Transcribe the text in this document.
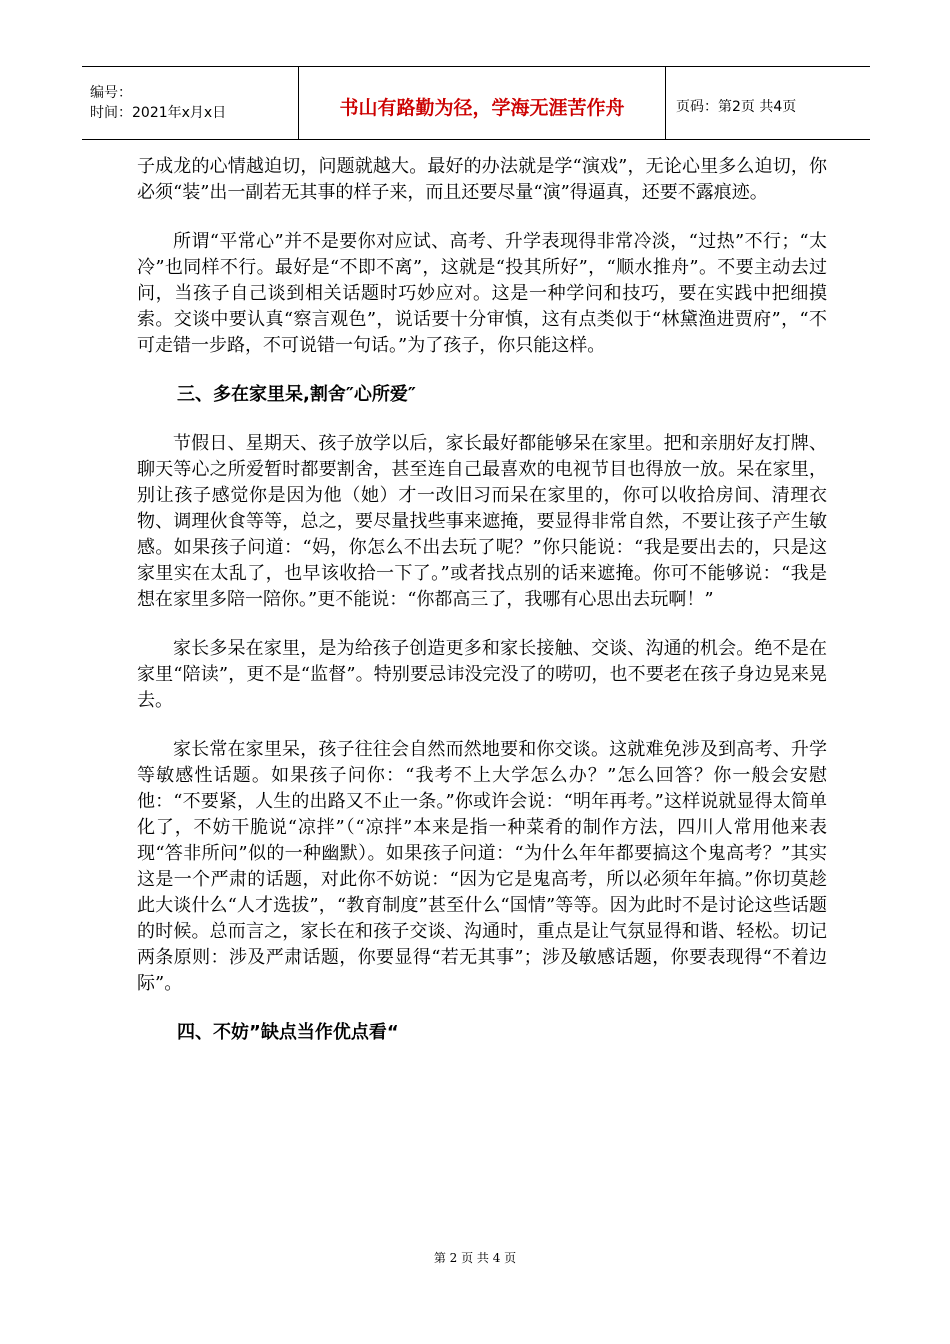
编号：
时间：2021年x月x日	书山有路勤为径，学海无涯苦作舟	页码：第2页 共4页

子成龙的心情越迫切，问题就越大。最好的办法就是学“演戏”，无论心里多么迫切，你必须“装”出一副若无其事的样子来，而且还要尽量“演”得逼真，还要不露痕迹。

所谓“平常心”并不是要你对应试、高考、升学表现得非常冷淡，“过热”不行；“太冷”也同样不行。最好是“不即不离”，这就是“投其所好”，“顺水推舟”。不要主动去过问，当孩子自己谈到相关话题时巧妙应对。这是一种学问和技巧，要在实践中把细摸索。交谈中要认真“察言观色”，说话要十分审慎，这有点类似于“林黛渔进贾府”，“不可走错一步路，不可说错一句话。”为了孩子，你只能这样。

三、多在家里呆,割舍″心所爱″

节假日、星期天、孩子放学以后，家长最好都能够呆在家里。把和亲朋好友打牌、聊天等心之所爱暂时都要割舍，甚至连自己最喜欢的电视节目也得放一放。呆在家里，别让孩子感觉你是因为他（她）才一改旧习而呆在家里的，你可以收拾房间、清理衣物、调理伙食等等，总之，要尽量找些事来遮掩，要显得非常自然，不要让孩子产生敏感。如果孩子问道：“妈，你怎么不出去玩了呢？”你只能说：“我是要出去的，只是这家里实在太乱了，也早该收拾一下了。”或者找点别的话来遮掩。你可不能够说：“我是想在家里多陪一陪你。”更不能说：“你都高三了，我哪有心思出去玩啊！”

家长多呆在家里，是为给孩子创造更多和家长接触、交谈、沟通的机会。绝不是在家里“陪读”，更不是“监督”。特别要忌讳没完没了的唠叨，也不要老在孩子身边晃来晃去。

家长常在家里呆，孩子往往会自然而然地要和你交谈。这就难免涉及到高考、升学等敏感性话题。如果孩子问你：“我考不上大学怎么办？”怎么回答？你一般会安慰他：“不要紧，人生的出路又不止一条。”你或许会说：“明年再考。”这样说就显得太简单化了，不妨干脆说“凉拌”（“凉拌”本来是指一种菜肴的制作方法，四川人常用他来表现“答非所问”似的一种幽默）。如果孩子问道：“为什么年年都要搞这个鬼高考？”其实这是一个严肃的话题，对此你不妨说：“因为它是鬼高考，所以必须年年搞。”你切莫趁此大谈什么“人才选拔”，“教育制度”甚至什么“国情”等等。因为此时不是讨论这些话题的时候。总而言之，家长在和孩子交谈、沟通时，重点是让气氛显得和谐、轻松。切记两条原则：涉及严肃话题，你要显得“若无其事”；涉及敏感话题，你要表现得“不着边际”。

四、不妨”缺点当作优点看“

第 2 页 共 4 页
